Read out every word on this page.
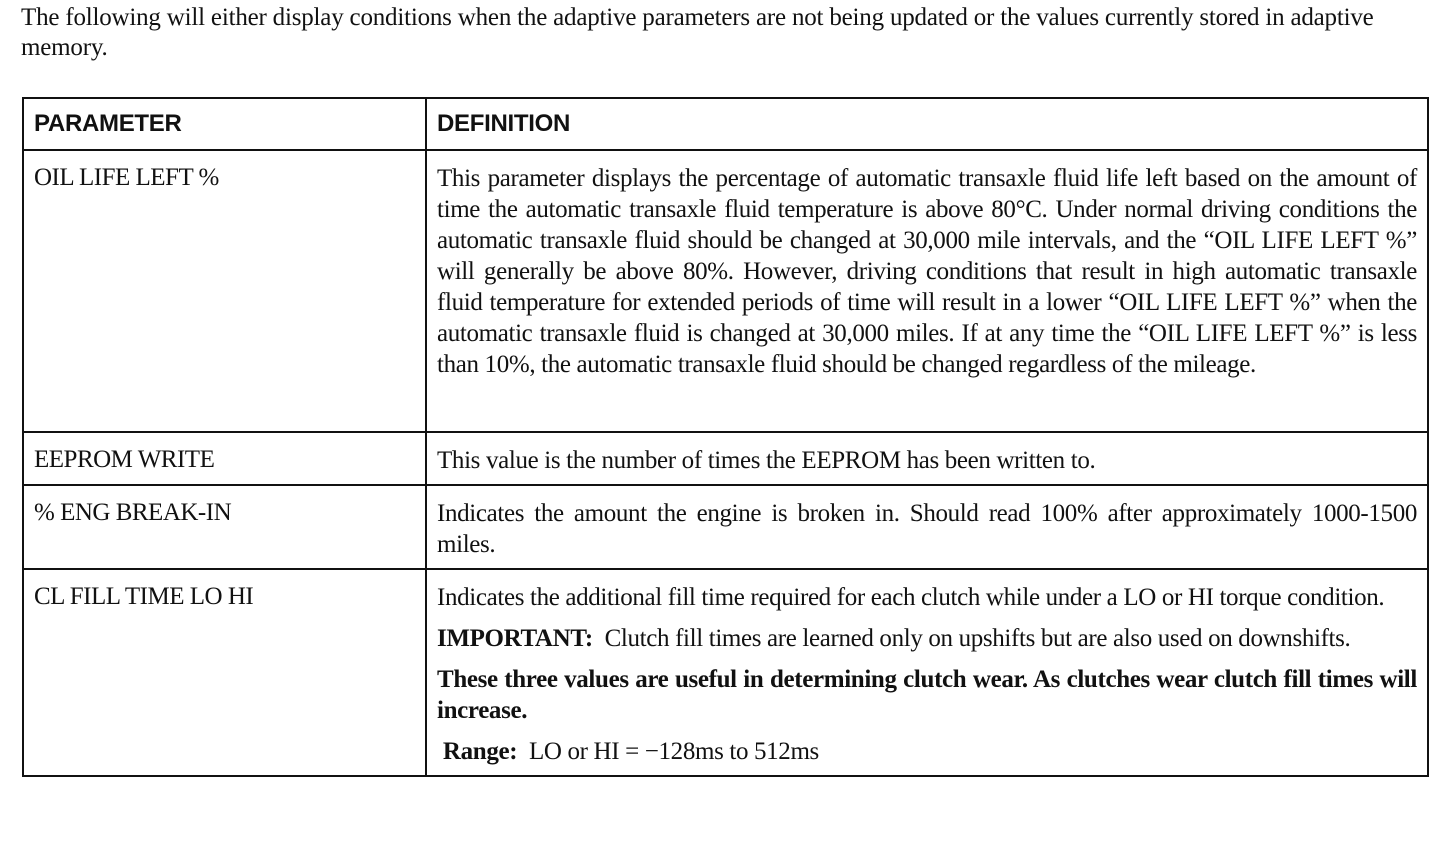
The following will either display conditions when the adaptive parameters are not being updated or the values currently stored in adaptive memory.
PARAMETER	DEFINITION
OIL LIFE LEFT %	This parameter displays the percentage of automatic transaxle fluid life left based on the amount of time the automatic transaxle fluid temperature is above 80°C. Under normal driving conditions the automatic transaxle fluid should be changed at 30,000 mile intervals, and the “OIL LIFE LEFT %” will generally be above 80%. However, driving conditions that result in high automatic transaxle fluid temperature for extended periods of time will result in a lower “OIL LIFE LEFT %” when the automatic transaxle fluid is changed at 30,000 miles. If at any time the “OIL LIFE LEFT %” is less than 10%, the automatic transaxle fluid should be changed regardless of the mileage.

EEPROM WRITE	This value is the number of times the EEPROM has been written to.

% ENG BREAK-IN	Indicates the amount the engine is broken in. Should read 100% after approximately 1000-1500 miles.

CL FILL TIME LO HI	Indicates the additional fill time required for each clutch while under a LO or HI torque condition.

IMPORTANT: Clutch fill times are learned only on upshifts but are also used on downshifts.

These three values are useful in determining clutch wear. As clutches wear clutch fill times will increase.

Range: LO or HI = −128ms to 512ms
